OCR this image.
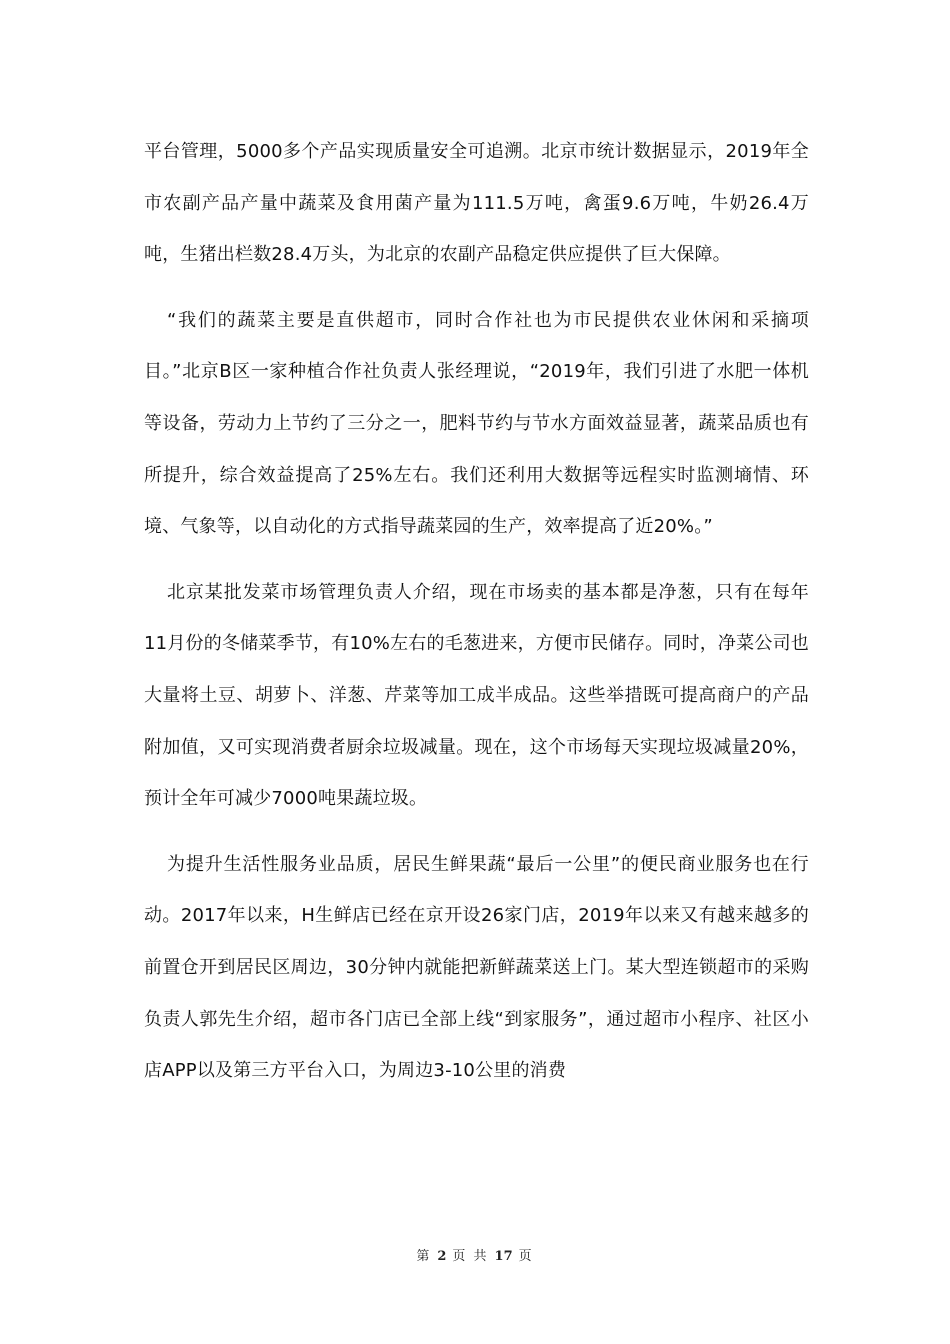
平台管理，5000多个产品实现质量安全可追溯。北京市统计数据显示，2019年全市农副产品产量中蔬菜及食用菌产量为111.5万吨，禽蛋9.6万吨，牛奶26.4万吨，生猪出栏数28.4万头，为北京的农副产品稳定供应提供了巨大保障。

“我们的蔬菜主要是直供超市，同时合作社也为市民提供农业休闲和采摘项目。”北京B区一家种植合作社负责人张经理说，“2019年，我们引进了水肥一体机等设备，劳动力上节约了三分之一，肥料节约与节水方面效益显著，蔬菜品质也有所提升，综合效益提高了25%左右。我们还利用大数据等远程实时监测墒情、环境、气象等，以自动化的方式指导蔬菜园的生产，效率提高了近20%。”

北京某批发菜市场管理负责人介绍，现在市场卖的基本都是净葱，只有在每年11月份的冬储菜季节，有10%左右的毛葱进来，方便市民储存。同时，净菜公司也大量将土豆、胡萝卜、洋葱、芹菜等加工成半成品。这些举措既可提高商户的产品附加值，又可实现消费者厨余垃圾减量。现在，这个市场每天实现垃圾减量20%，预计全年可减少7000吨果蔬垃圾。

为提升生活性服务业品质，居民生鲜果蔬“最后一公里”的便民商业服务也在行动。2017年以来，H生鲜店已经在京开设26家门店，2019年以来又有越来越多的前置仓开到居民区周边，30分钟内就能把新鲜蔬菜送上门。某大型连锁超市的采购负责人郭先生介绍，超市各门店已全部上线“到家服务”，通过超市小程序、社区小店APP以及第三方平台入口，为周边3-10公里的消费

第 2 页 共 17 页
